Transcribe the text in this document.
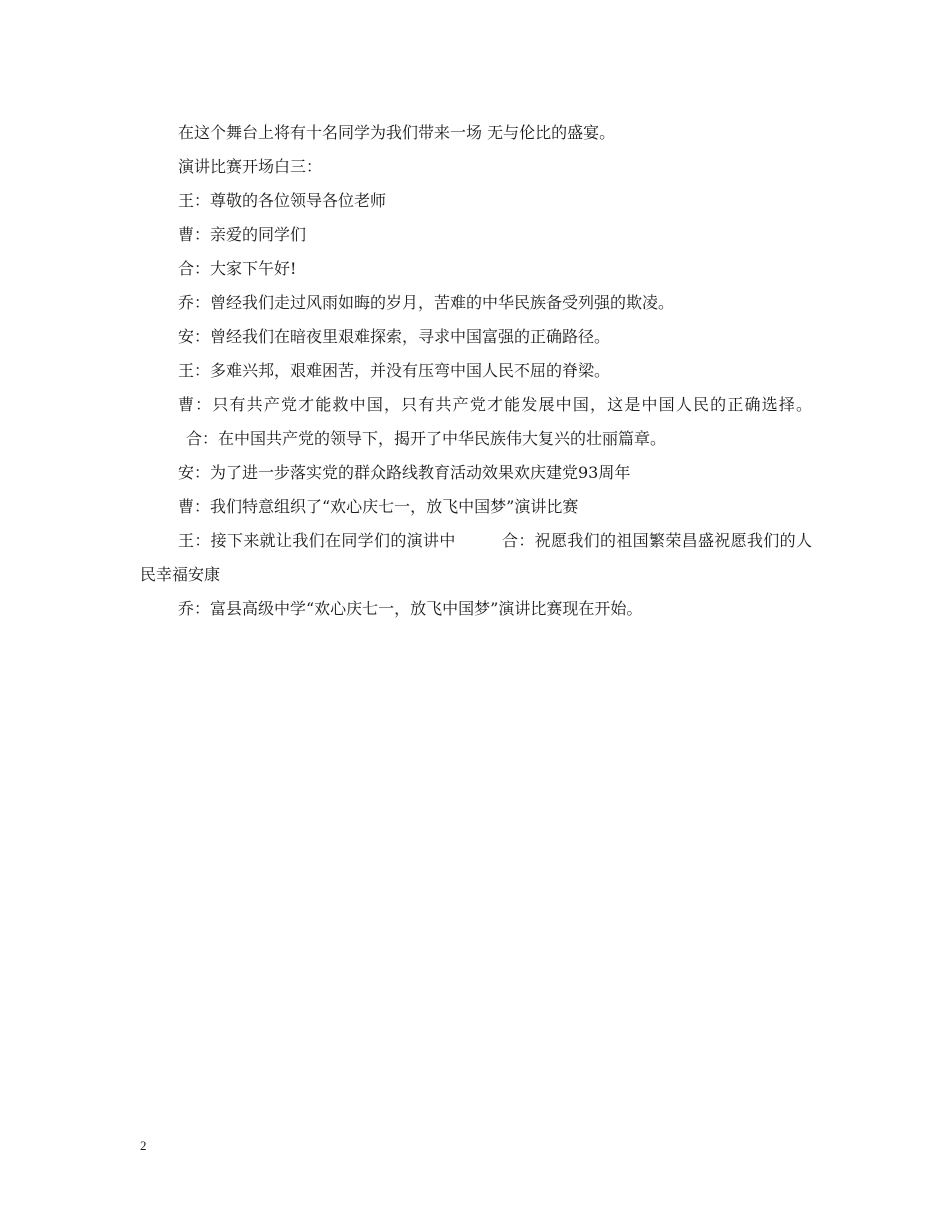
在这个舞台上将有十名同学为我们带来一场 无与伦比的盛宴。

演讲比赛开场白三：

王：尊敬的各位领导各位老师

曹：亲爱的同学们

合：大家下午好!

乔：曾经我们走过风雨如晦的岁月，苦难的中华民族备受列强的欺凌。

安：曾经我们在暗夜里艰难探索，寻求中国富强的正确路径。

王：多难兴邦，艰难困苦，并没有压弯中国人民不屈的脊梁。

曹：只有共产党才能救中国，只有共产党才能发展中国，这是中国人民的正确选择。合：在中国共产党的领导下，揭开了中华民族伟大复兴的壮丽篇章。

安：为了进一步落实党的群众路线教育活动效果欢庆建党93周年

曹：我们特意组织了“欢心庆七一，放飞中国梦”演讲比赛

王：接下来就让我们在同学们的演讲中	合：祝愿我们的祖国繁荣昌盛祝愿我们的人民幸福安康

乔：富县高级中学“欢心庆七一，放飞中国梦”演讲比赛现在开始。

2
